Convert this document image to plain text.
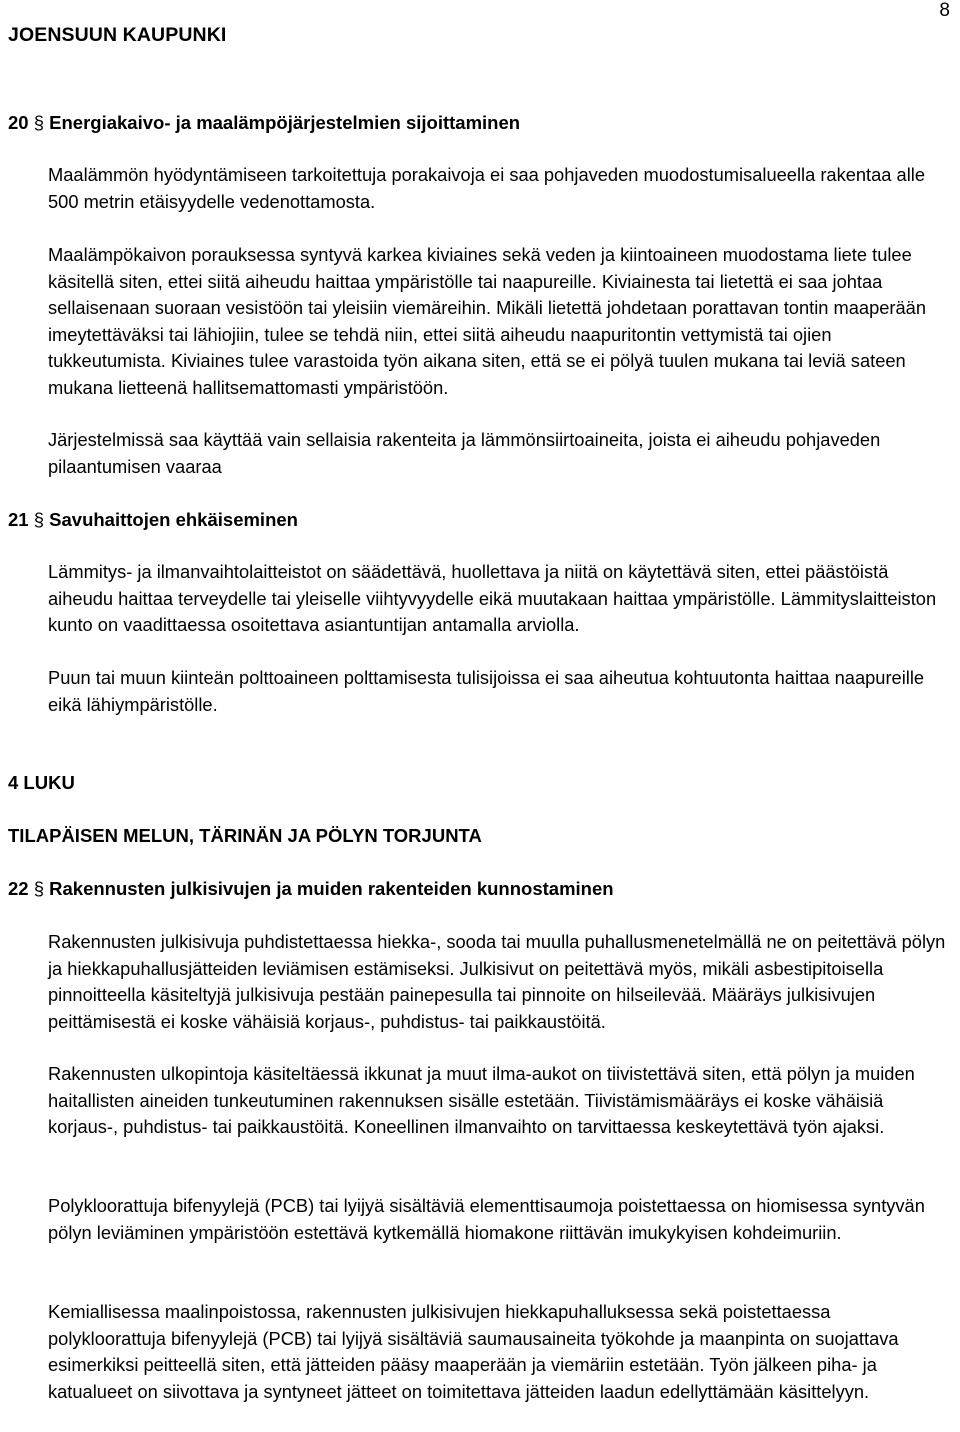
JOENSUUN KAUPUNKI
8
20 § Energiakaivo- ja maalämpöjärjestelmien sijoittaminen

Maalämmön hyödyntämiseen tarkoitettuja porakaivoja ei saa pohjaveden muodostumisalueella rakentaa alle 500 metrin etäisyydelle vedenottamosta.

Maalämpökaivon porauksessa syntyvä karkea kiviaines sekä veden ja kiintoaineen muodostama liete tulee käsitellä siten, ettei siitä aiheudu haittaa ympäristölle tai naapureille. Kiviainesta tai lietettä ei saa johtaa sellaisenaan suoraan vesistöön tai yleisiin viemäreihin. Mikäli lietettä johdetaan porattavan tontin maaperään imeytettäväksi tai lähiojiin, tulee se tehdä niin, ettei siitä aiheudu naapuritontin vettymistä tai ojien tukkeutumista. Kiviaines tulee varastoida työn aikana siten, että se ei pölyä tuulen mukana tai leviä sateen mukana lietteenä hallitsemattomasti ympäristöön.

Järjestelmissä saa käyttää vain sellaisia rakenteita ja lämmönsiirtoaineita, joista ei aiheudu pohjaveden pilaantumisen vaaraa

21 § Savuhaittojen ehkäiseminen

Lämmitys- ja ilmanvaihtolaitteistot on säädettävä, huollettava ja niitä on käytettävä siten, ettei päästöistä aiheudu haittaa terveydelle tai yleiselle viihtyvyydelle eikä muutakaan haittaa ympäristölle. Lämmityslaitteiston kunto on vaadittaessa osoitettava asiantuntijan antamalla arviolla.

Puun tai muun kiinteän polttoaineen polttamisesta tulisijoissa ei saa aiheutua kohtuutonta haittaa naapureille eikä lähiympäristölle.

4 LUKU
TILAPÄISEN MELUN, TÄRINÄN JA PÖLYN TORJUNTA
22 § Rakennusten julkisivujen ja muiden rakenteiden kunnostaminen

Rakennusten julkisivuja puhdistettaessa hiekka-, sooda tai muulla puhallusmenetelmällä ne on peitettävä pölyn ja hiekkapuhallusjätteiden leviämisen estämiseksi. Julkisivut on peitettävä myös, mikäli asbestipitoisella pinnoitteella käsiteltyjä julkisivuja pestään painepesulla tai pinnoite on hilseilevää. Määräys julkisivujen peittämisestä ei koske vähäisiä korjaus-, puhdistus- tai paikkaustöitä.

Rakennusten ulkopintoja käsiteltäessä ikkunat ja muut ilma-aukot on tiivistettävä siten, että pölyn ja muiden haitallisten aineiden tunkeutuminen rakennuksen sisälle estetään. Tiivistämismääräys ei koske vähäisiä korjaus-, puhdistus- tai paikkaustöitä. Koneellinen ilmanvaihto on tarvittaessa keskeytettävä työn ajaksi.

Polykloorattuja bifenyylejä (PCB) tai lyijyä sisältäviä elementtisaumoja poistettaessa on hiomisessa syntyvän pölyn leviäminen ympäristöön estettävä kytkemällä hiomakone riittävän imukykyisen kohdeimuriin.

Kemiallisessa maalinpoistossa, rakennusten julkisivujen hiekkapuhalluksessa sekä poistettaessa polykloorattuja bifenyylejä (PCB) tai lyijyä sisältäviä saumausaineita työkohde ja maanpinta on suojattava esimerkiksi peitteellä siten, että jätteiden pääsy maaperään ja viemäriin estetään. Työn jälkeen piha- ja katualueet on siivottava ja syntyneet jätteet on toimitettava jätteiden laadun edellyttämään käsittelyyn.
